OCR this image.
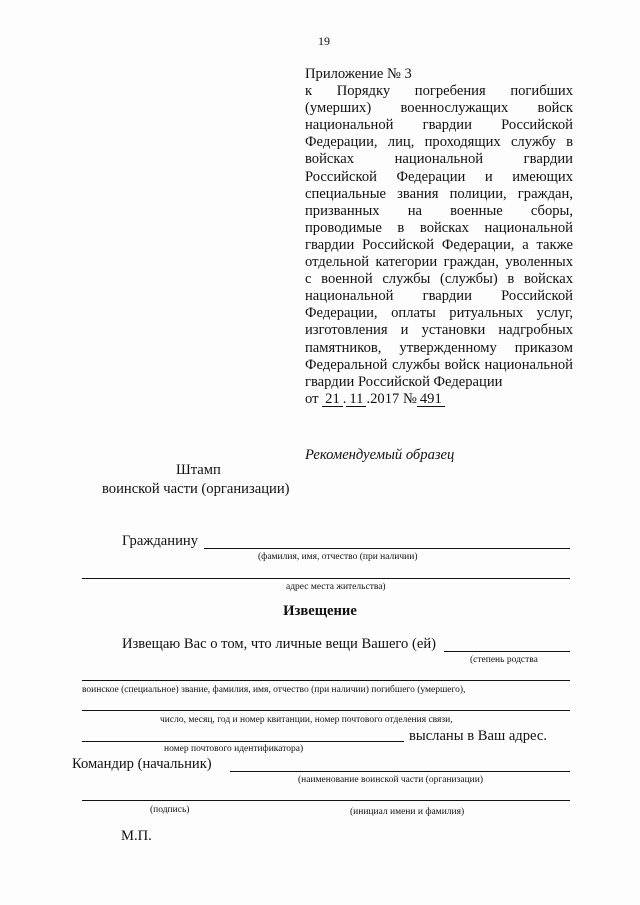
19
Приложение № 3
к Порядку погребения погибших (умерших) военнослужащих войск национальной гвардии Российской Федерации, лиц, проходящих службу в войсках национальной гвардии Российской Федерации и имеющих специальные звания полиции, граждан, призванных на военные сборы, проводимые в войсках национальной гвардии Российской Федерации, а также отдельной категории граждан, уволенных с военной службы (службы) в войсках национальной гвардии Российской Федерации, оплаты ритуальных услуг, изготовления и установки надгробных памятников, утвержденному приказом Федеральной службы войск национальной гвардии Российской Федерации
от 21 . 11 .2017 № 491
Рекомендуемый образец
Штамп
воинской части (организации)
Гражданину
(фамилия, имя, отчество (при наличии)
адрес места жительства)
Извещение
Извещаю Вас о том, что личные вещи Вашего (ей)
(степень родства
воинское (специальное) звание, фамилия, имя, отчество (при наличии) погибшего (умершего),
число, месяц, год и номер квитанции, номер почтового отделения связи,
высланы в Ваш адрес.
номер почтового идентификатора)
Командир (начальник)
(наименование воинской части (организации)
(подпись)	(инициал имени и фамилия)
М.П.
